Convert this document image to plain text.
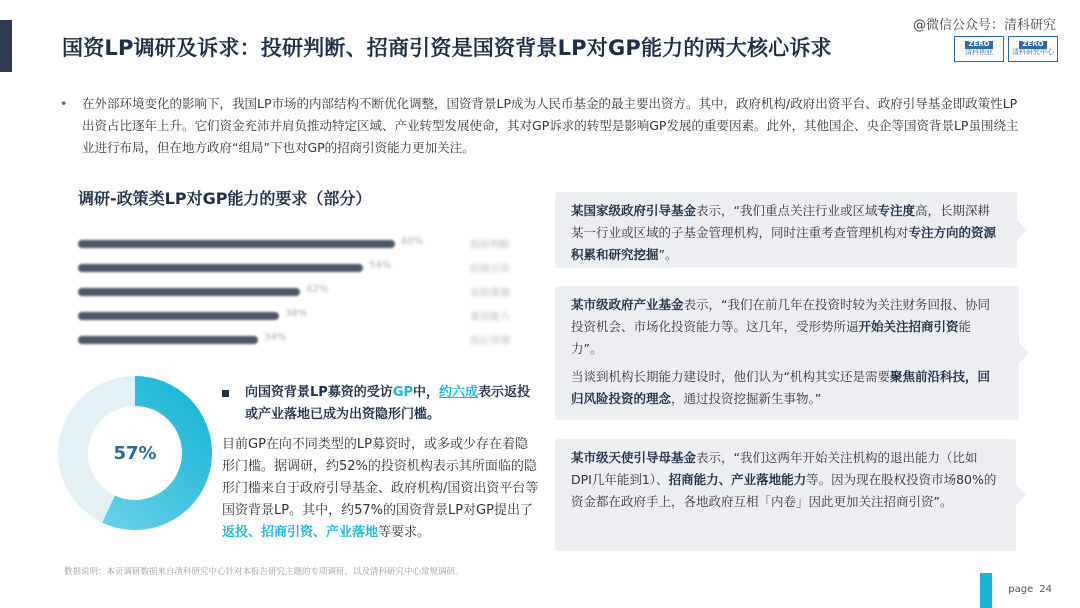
国资LP调研及诉求：投研判断、招商引资是国资背景LP对GP能力的两大核心诉求
@微信公众号：清科研究
ZERO
清科创业
ZERO
清科研究中心
• 在外部环境变化的影响下，我国LP市场的内部结构不断优化调整，国资背景LP成为人民币基金的最主要出资方。其中，政府机构/政府出资平台、政府引导基金即政策性LP出资占比逐年上升。它们资金充沛并肩负推动特定区域、产业转型发展使命，其对GP诉求的转型是影响GP发展的重要因素。此外，其他国企、央企等国资背景LP虽围绕主业进行布局，但在地方政府“组局”下也对GP的招商引资能力更加关注。

调研-政策类LP对GP能力的要求（部分）
60%	投研判断
54%	招商引资
42%	返投落地
38%	募资能力
34%	投后管理
57%

向国资背景LP募资的受访GP中，约六成表示返投或产业落地已成为出资隐形门槛。

目前GP在向不同类型的LP募资时，或多或少存在着隐形门槛。据调研，约52%的投资机构表示其所面临的隐形门槛来自于政府引导基金、政府机构/国资出资平台等国资背景LP。其中，约57%的国资背景LP对GP提出了返投、招商引资、产业落地等要求。

某国家级政府引导基金表示，“我们重点关注行业或区域专注度高，长期深耕某一行业或区域的子基金管理机构，同时注重考查管理机构对专注方向的资源积累和研究挖掘”。

某市级政府产业基金表示，“我们在前几年在投资时较为关注财务回报、协同投资机会、市场化投资能力等。这几年，受形势所逼开始关注招商引资能力”。

当谈到机构长期能力建设时，他们认为“机构其实还是需要聚焦前沿科技，回归风险投资的理念，通过投资挖掘新生事物。”

某市级天使引导母基金表示，“我们这两年开始关注机构的退出能力（比如DPI几年能到1）、招商能力、产业落地能力等。因为现在股权投资市场80%的资金都在政府手上，各地政府互相「内卷」因此更加关注招商引资”。

数据说明：本页调研数据来自清科研究中心针对本报告研究主题的专项调研，以及清科研究中心常规调研。
page 24
